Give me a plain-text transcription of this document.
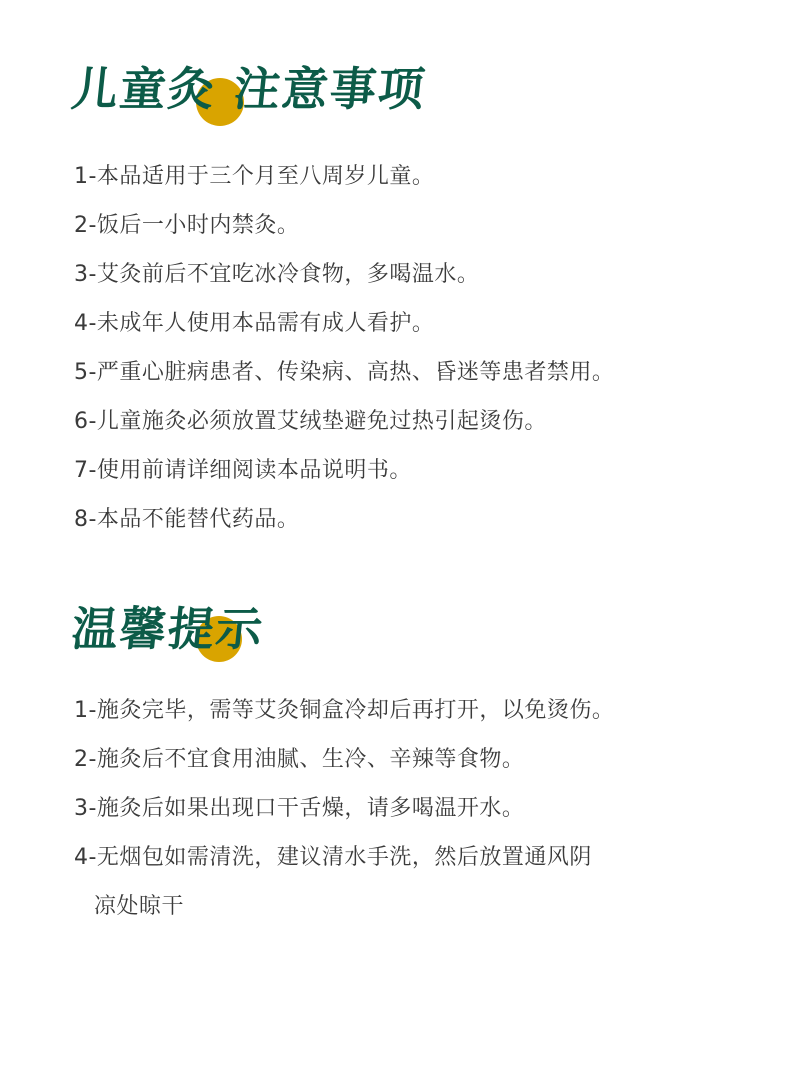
儿童灸 注意事项
1-本品适用于三个月至八周岁儿童。
2-饭后一小时内禁灸。
3-艾灸前后不宜吃冰冷食物，多喝温水。
4-未成年人使用本品需有成人看护。
5-严重心脏病患者、传染病、高热、昏迷等患者禁用。
6-儿童施灸必须放置艾绒垫避免过热引起烫伤。
7-使用前请详细阅读本品说明书。
8-本品不能替代药品。
温馨提示
1-施灸完毕，需等艾灸铜盒冷却后再打开，以免烫伤。
2-施灸后不宜食用油腻、生冷、辛辣等食物。
3-施灸后如果出现口干舌燥，请多喝温开水。
4-无烟包如需清洗，建议清水手洗，然后放置通风阴
凉处晾干
